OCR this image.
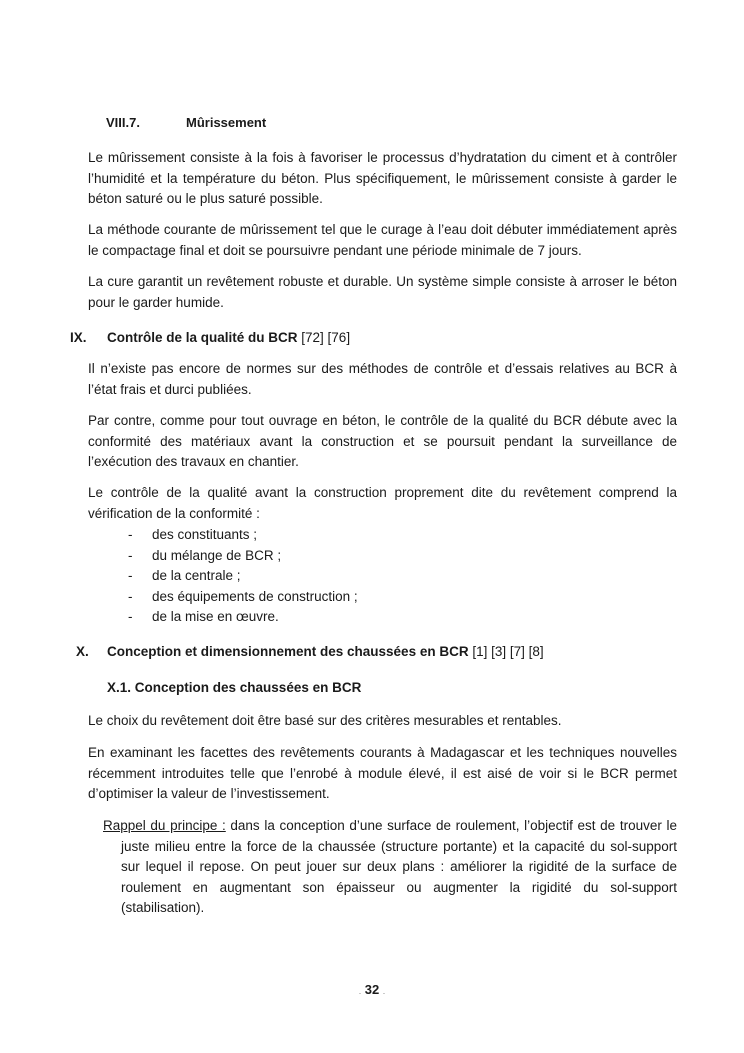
VIII.7.	Mûrissement

Le mûrissement consiste à la fois à favoriser le processus d’hydratation du ciment et à contrôler l’humidité et la température du béton. Plus spécifiquement, le mûrissement consiste à garder le béton saturé ou le plus saturé possible.

La méthode courante de mûrissement tel que le curage à l’eau doit débuter immédiatement après le compactage final et doit se poursuivre pendant une période minimale de 7 jours.

La cure garantit un revêtement robuste et durable. Un système simple consiste à arroser le béton pour le garder humide.

IX. Contrôle de la qualité du BCR [72] [76]

Il n’existe pas encore de normes sur des méthodes de contrôle et d’essais relatives au BCR à l’état frais et durci publiées.

Par contre, comme pour tout ouvrage en béton, le contrôle de la qualité du BCR débute avec la conformité des matériaux avant la construction et se poursuit pendant la surveillance de l’exécution des travaux en chantier.

Le contrôle de la qualité avant la construction proprement dite du revêtement comprend la vérification de la conformité :

-	des constituants ;
-	du mélange de BCR ;
-	de la centrale ;
-	des équipements de construction ;
-	de la mise en œuvre.
X. Conception et dimensionnement des chaussées en BCR [1] [3] [7] [8]
X.1. Conception des chaussées en BCR

Le choix du revêtement doit être basé sur des critères mesurables et rentables.

En examinant les facettes des revêtements courants à Madagascar et les techniques nouvelles récemment introduites telle que l’enrobé à module élevé, il est aisé de voir si le BCR permet d’optimiser la valeur de l’investissement.

Rappel du principe : dans la conception d’une surface de roulement, l’objectif est de trouver le juste milieu entre la force de la chaussée (structure portante) et la capacité du sol-support sur lequel il repose. On peut jouer sur deux plans : améliorer la rigidité de la surface de roulement en augmentant son épaisseur ou augmenter la rigidité du sol-support (stabilisation).

. 32 .
